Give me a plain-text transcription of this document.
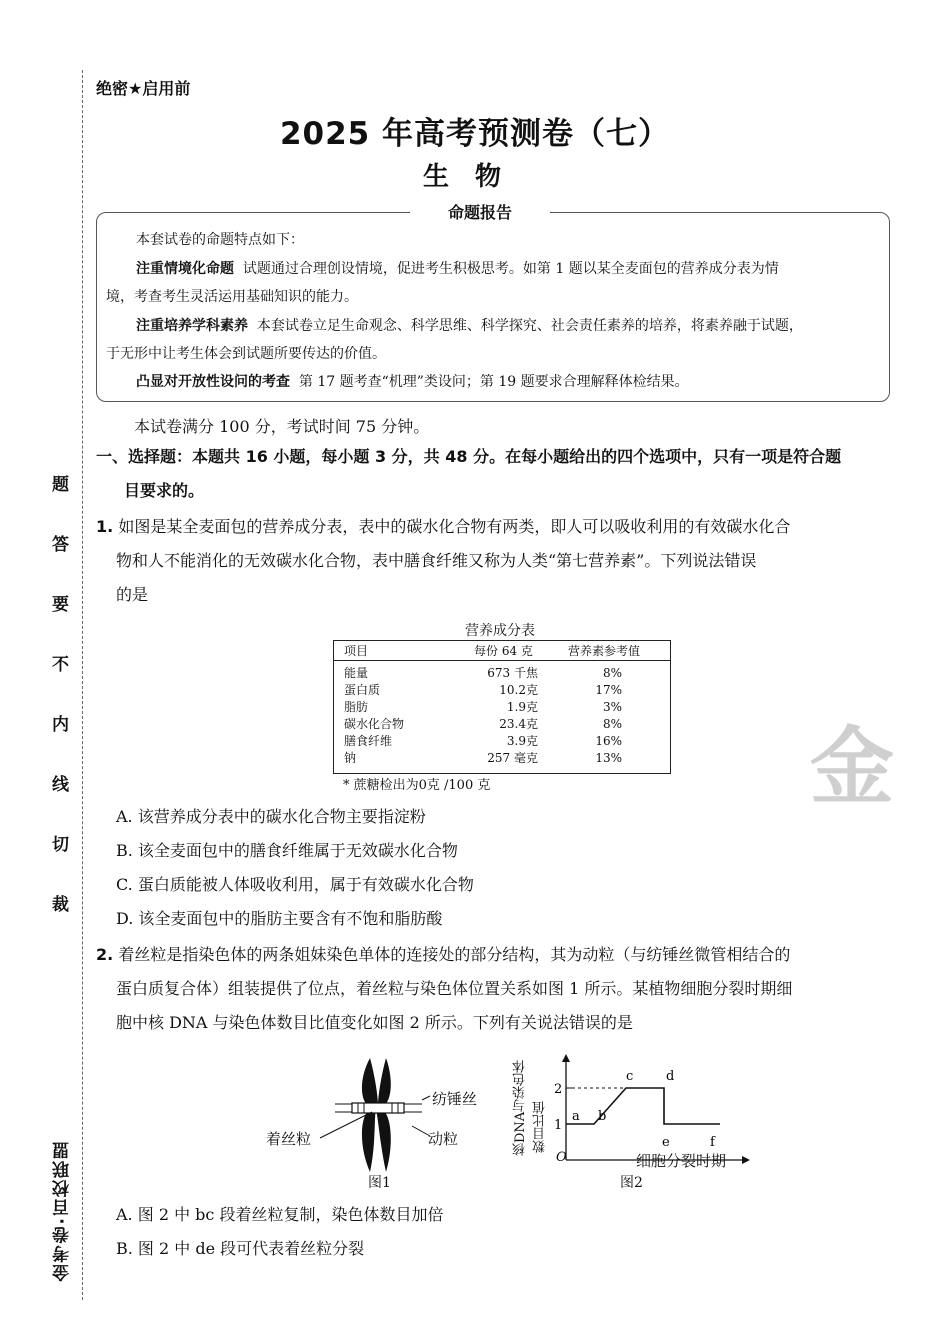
题
答
要
不
内
线
切
裁
金考卷·百校联盟
绝密★启用前
2025 年高考预测卷（七）
生物
命题报告
本套试卷的命题特点如下：
注重情境化命题 试题通过合理创设情境，促进考生积极思考。如第 1 题以某全麦面包的营养成分表为情
境，考查考生灵活运用基础知识的能力。
注重培养学科素养 本套试卷立足生命观念、科学思维、科学探究、社会责任素养的培养，将素养融于试题，
于无形中让考生体会到试题所要传达的价值。
凸显对开放性设问的考查 第 17 题考查“机理”类设问；第 19 题要求合理解释体检结果。
本试卷满分 100 分，考试时间 75 分钟。
一、选择题：本题共 16 小题，每小题 3 分，共 48 分。在每小题给出的四个选项中，只有一项是符合题
目要求的。
1. 如图是某全麦面包的营养成分表，表中的碳水化合物有两类，即人可以吸收利用的有效碳水化合
物和人不能消化的无效碳水化合物，表中膳食纤维又称为人类“第七营养素”。下列说法错误
的是
营养成分表
项目	每份 64 克	营养素参考值
能量	673 千焦	8%
蛋白质	10.2克	17%
脂肪	1.9克	3%
碳水化合物	23.4克	8%
膳食纤维	3.9克	16%
钠	257 毫克	13%
* 蔗糖检出为0克 /100 克	金
A. 该营养成分表中的碳水化合物主要指淀粉
B. 该全麦面包中的膳食纤维属于无效碳水化合物
C. 蛋白质能被人体吸收利用，属于有效碳水化合物
D. 该全麦面包中的脂肪主要含有不饱和脂肪酸
2. 着丝粒是指染色体的两条姐妹染色单体的连接处的部分结构，其为动粒（与纺锤丝微管相结合的
蛋白质复合体）组装提供了位点，着丝粒与染色体位置关系如图 1 所示。某植物细胞分裂时期细
胞中核 DNA 与染色体数目比值变化如图 2 所示。下列有关说法错误的是
纺锤丝
着丝粒	动粒
图1
核DNA与染色体 数目比值 1
2
a b
c	d
e	f
O	细胞分裂时期
图2
A. 图 2 中 bc 段着丝粒复制，染色体数目加倍
B. 图 2 中 de 段可代表着丝粒分裂
